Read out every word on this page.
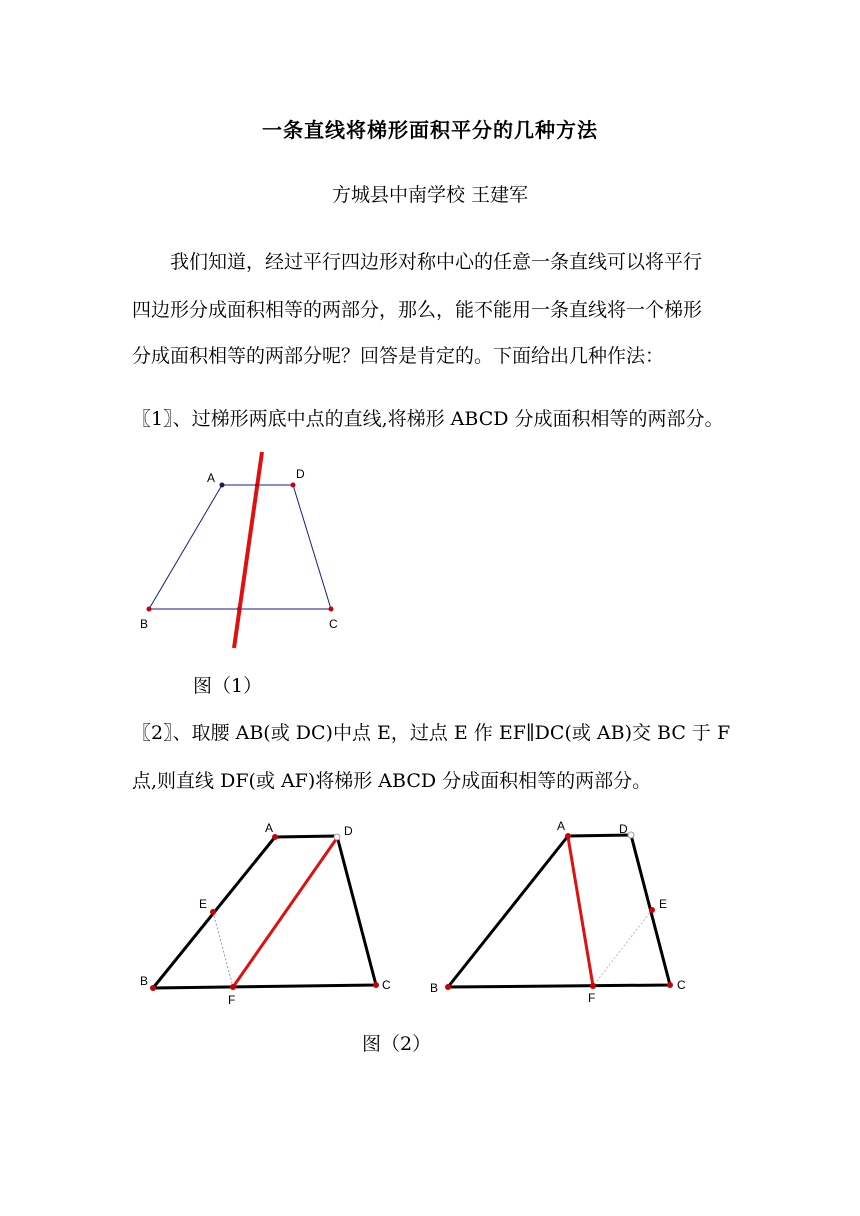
一条直线将梯形面积平分的几种方法
方城县中南学校 王建军
我们知道，经过平行四边形对称中心的任意一条直线可以将平行
四边形分成面积相等的两部分，那么，能不能用一条直线将一个梯形
分成面积相等的两部分呢？回答是肯定的。下面给出几种作法：
〖1〗、过梯形两底中点的直线,将梯形 ABCD 分成面积相等的两部分。
图（1）
〖2〗、取腰 AB(或 DC)中点 E，过点 E 作 EF∥DC(或 AB)交 BC 于 F
点,则直线 DF(或 AF)将梯形 ABCD 分成面积相等的两部分。
图（2）
A	D
B	C
A	D
E
B
F
C
A	D
E
B
F
C
